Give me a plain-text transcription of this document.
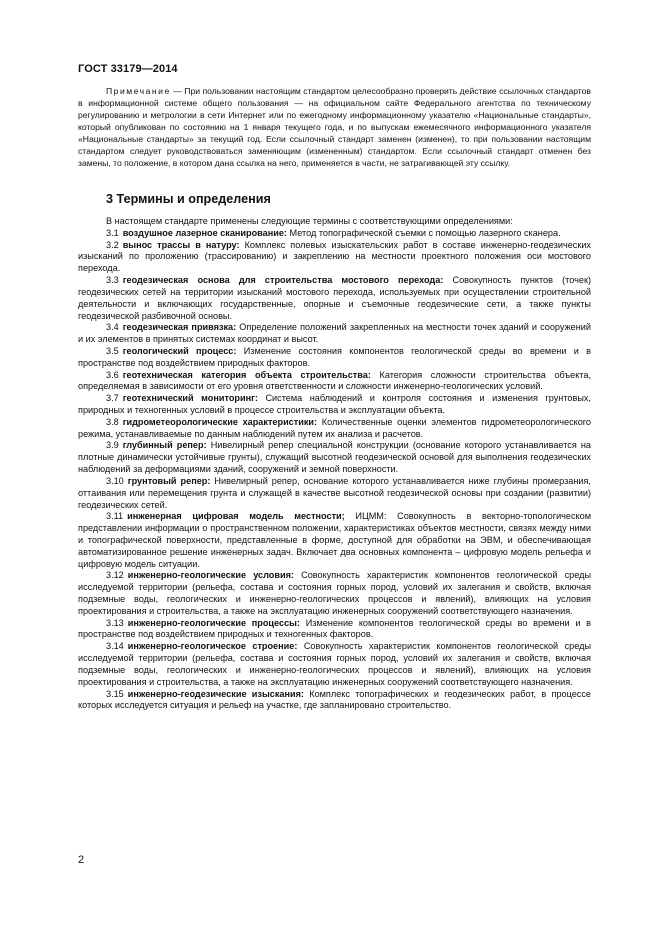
ГОСТ 33179—2014
Примечание — При пользовании настоящим стандартом целесообразно проверить действие ссылочных стандартов в информационной системе общего пользования — на официальном сайте Федерального агентства по техническому регулированию и метрологии в сети Интернет или по ежегодному информационному указателю «Национальные стандарты», который опубликован по состоянию на 1 января текущего года, и по выпускам ежемесячного информационного указателя «Национальные стандарты» за текущий год. Если ссылочный стандарт заменен (изменен), то при пользовании настоящим стандартом следует руководствоваться заменяющим (измененным) стандартом. Если ссылочный стандарт отменен без замены, то положение, в котором дана ссылка на него, применяется в части, не затрагивающей эту ссылку.
3 Термины и определения

В настоящем стандарте применены следующие термины с соответствующими определениями:

3.1 воздушное лазерное сканирование: Метод топографической съемки с помощью лазерного сканера.

3.2 вынос трассы в натуру: Комплекс полевых изыскательских работ в составе инженерно-геодезических изысканий по проложению (трассированию) и закреплению на местности проектного положения оси мостового перехода.

3.3 геодезическая основа для строительства мостового перехода: Совокупность пунктов (точек) геодезических сетей на территории изысканий мостового перехода, используемых при осуществлении строительной деятельности и включающих государственные, опорные и съемочные геодезические сети, а также пункты геодезической разбивочной основы.

3.4 геодезическая привязка: Определение положений закрепленных на местности точек зданий и сооружений и их элементов в принятых системах координат и высот.

3.5 геологический процесс: Изменение состояния компонентов геологической среды во времени и в пространстве под воздействием природных факторов.

3.6 геотехническая категория объекта строительства: Категория сложности строительства объекта, определяемая в зависимости от его уровня ответственности и сложности инженерно-геологических условий.

3.7 геотехнический мониторинг: Система наблюдений и контроля состояния и изменения грунтовых, природных и техногенных условий в процессе строительства и эксплуатации объекта.

3.8 гидрометеорологические характеристики: Количественные оценки элементов гидрометеорологического режима, устанавливаемые по данным наблюдений путем их анализа и расчетов.

3.9 глубинный репер: Нивелирный репер специальной конструкции (основание которого устанавливается на плотные динамически устойчивые грунты), служащий высотной геодезической основой для выполнения геодезических наблюдений за деформациями зданий, сооружений и земной поверхности.

3.10 грунтовый репер: Нивелирный репер, основание которого устанавливается ниже глубины промерзания, оттаивания или перемещения грунта и служащей в качестве высотной геодезической основы при создании (развитии) геодезических сетей.

3.11 инженерная цифровая модель местности; ИЦММ: Совокупность в векторно-топологическом представлении информации о пространственном положении, характеристиках объектов местности, связях между ними и топографической поверхности, представленные в форме, доступной для обработки на ЭВМ, и обеспечивающая автоматизированное решение инженерных задач. Включает два основных компонента – цифровую модель рельефа и цифровую модель ситуации.

3.12 инженерно-геологические условия: Совокупность характеристик компонентов геологической среды исследуемой территории (рельефа, состава и состояния горных пород, условий их залегания и свойств, включая подземные воды, геологических и инженерно-геологических процессов и явлений), влияющих на условия проектирования и строительства, а также на эксплуатацию инженерных сооружений соответствующего назначения.

3.13 инженерно-геологические процессы: Изменение компонентов геологической среды во времени и в пространстве под воздействием природных и техногенных факторов.

3.14 инженерно-геологическое строение: Совокупность характеристик компонентов геологической среды исследуемой территории (рельефа, состава и состояния горных пород, условий их залегания и свойств, включая подземные воды, геологических и инженерно-геологических процессов и явлений), влияющих на условия проектирования и строительства, а также на эксплуатацию инженерных сооружений соответствующего назначения.

3.15 инженерно-геодезические изыскания: Комплекс топографических и геодезических работ, в процессе которых исследуется ситуация и рельеф на участке, где запланировано строительство.

2
